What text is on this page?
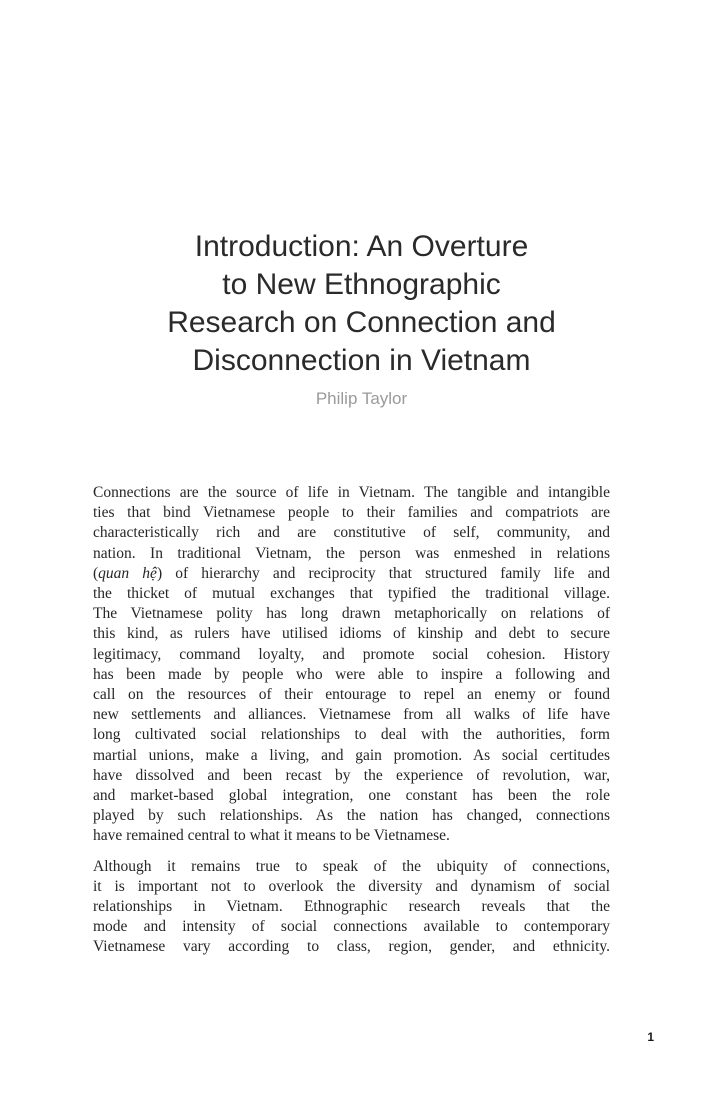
Introduction: An Overture
to New Ethnographic
Research on Connection and
Disconnection in Vietnam
Philip Taylor

Connections are the source of life in Vietnam. The tangible and intangible
ties that bind Vietnamese people to their families and compatriots are
characteristically rich and are constitutive of self, community, and
nation. In traditional Vietnam, the person was enmeshed in relations
(quan hệ) of hierarchy and reciprocity that structured family life and
the thicket of mutual exchanges that typified the traditional village.
The Vietnamese polity has long drawn metaphorically on relations of
this kind, as rulers have utilised idioms of kinship and debt to secure
legitimacy, command loyalty, and promote social cohesion. History
has been made by people who were able to inspire a following and
call on the resources of their entourage to repel an enemy or found
new settlements and alliances. Vietnamese from all walks of life have
long cultivated social relationships to deal with the authorities, form
martial unions, make a living, and gain promotion. As social certitudes
have dissolved and been recast by the experience of revolution, war,
and market-based global integration, one constant has been the role
played by such relationships. As the nation has changed, connections
have remained central to what it means to be Vietnamese.

Although it remains true to speak of the ubiquity of connections,
it is important not to overlook the diversity and dynamism of social
relationships in Vietnam. Ethnographic research reveals that the
mode and intensity of social connections available to contemporary
Vietnamese vary according to class, region, gender, and ethnicity.

1
